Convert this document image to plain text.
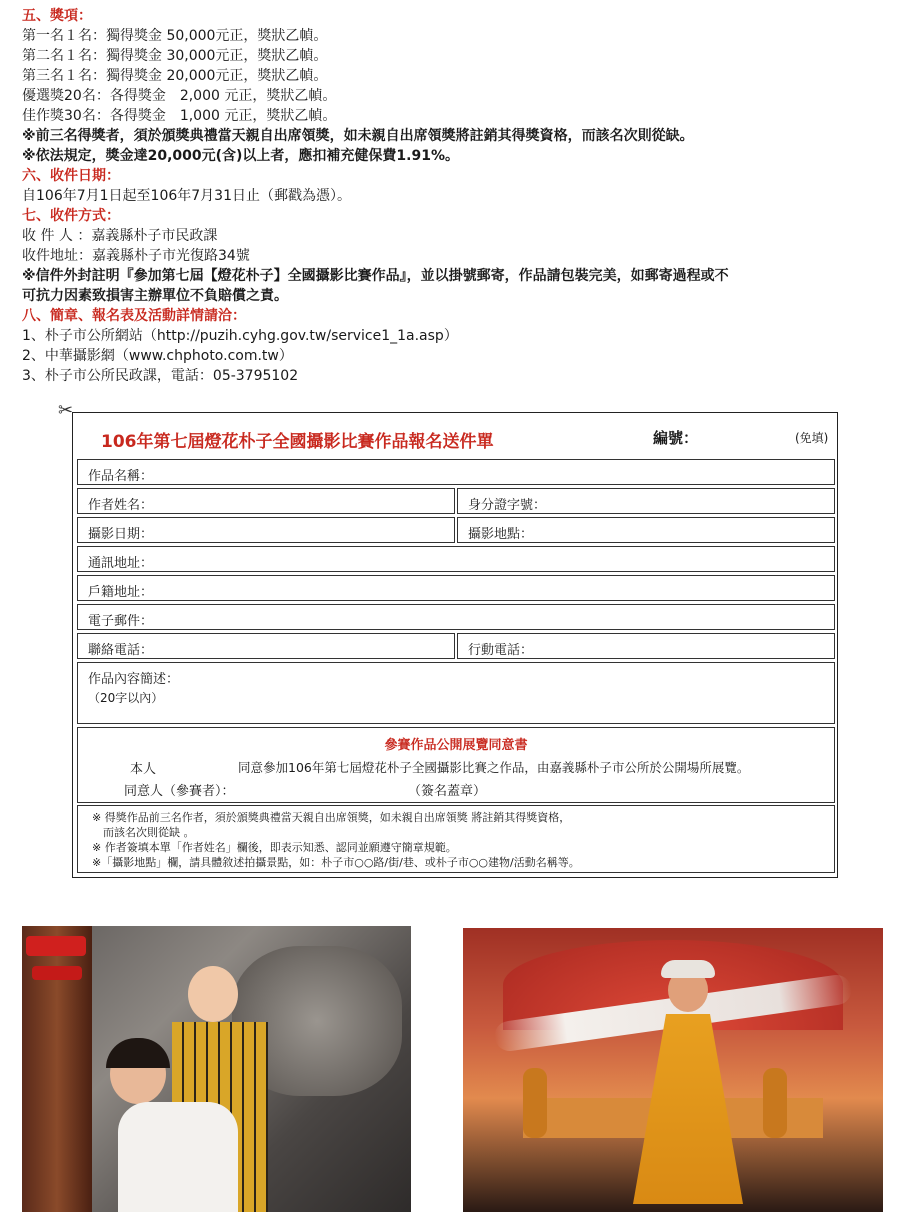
五、獎項：
第一名１名：獨得獎金 50,000元正，獎狀乙幀。
第二名１名：獨得獎金 30,000元正，獎狀乙幀。
第三名１名：獨得獎金 20,000元正，獎狀乙幀。
優選獎20名：各得獎金　2,000 元正，獎狀乙幀。
佳作獎30名：各得獎金　1,000 元正，獎狀乙幀。
※前三名得獎者，須於頒獎典禮當天親自出席領獎，如未親自出席領獎將註銷其得獎資格，而該名次則從缺。
※依法規定，獎金達20,000元(含)以上者，應扣補充健保費1.91%。
六、收件日期：
自106年7月1日起至106年7月31日止（郵戳為憑）。
七、收件方式：
收 件 人 ：嘉義縣朴子市民政課
收件地址：嘉義縣朴子市光復路34號
※信件外封註明『參加第七屆【燈花朴子】全國攝影比賽作品』，並以掛號郵寄，作品請包裝完美，如郵寄過程或不
可抗力因素致損害主辦單位不負賠償之責。
八、簡章、報名表及活動詳情請洽：
1、朴子市公所網站（http://puzih.cyhg.gov.tw/service1_1a.asp）
2、中華攝影網（www.chphoto.com.tw）
3、朴子市公所民政課，電話：05-3795102
✂
106年第七屆燈花朴子全國攝影比賽作品報名送件單	編號：	(免填)
作品名稱：
作者姓名：	身分證字號：
攝影日期：	攝影地點：
通訊地址：
戶籍地址：
電子郵件：
聯絡電話：	行動電話：
作品內容簡述：
（20字以內）
參賽作品公開展覽同意書
本人	同意參加106年第七屆燈花朴子全國攝影比賽之作品，由嘉義縣朴子市公所於公開場所展覽。
同意人（參賽者）：	（簽名蓋章）
※ 得獎作品前三名作者，須於頒獎典禮當天親自出席領獎，如未親自出席領獎 將註銷其得獎資格，
　而該名次則從缺 。
※ 作者簽填本單「作者姓名」欄後，即表示知悉、認同並願遵守簡章規範。
※「攝影地點」欄，請具體敘述拍攝景點，如：朴子市○○路/街/巷、或朴子市○○建物/活動名稱等。
